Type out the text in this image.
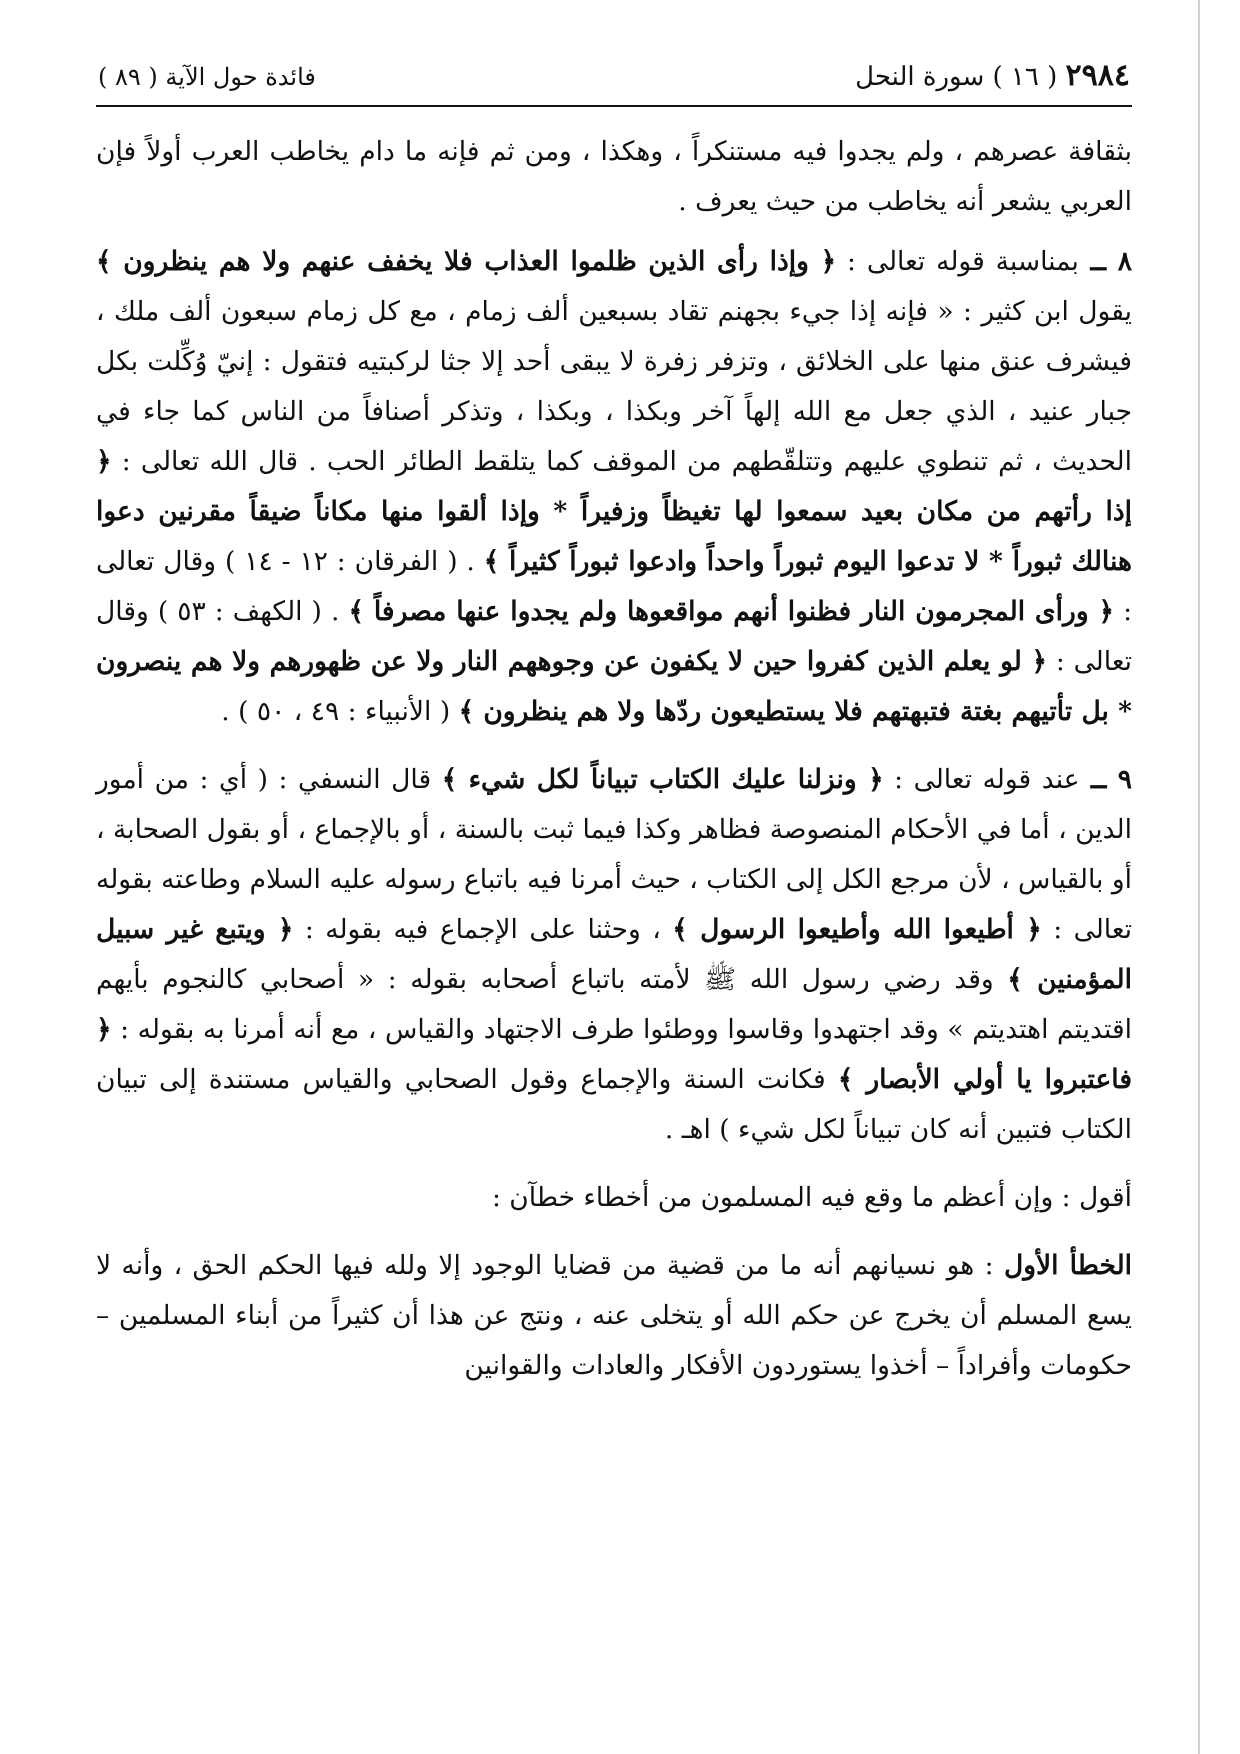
٢٩٨٤ ( ١٦ ) سورة النحل
فائدة حول الآية ( ٨٩ )

بثقافة عصرهم ، ولم يجدوا فيه مستنكراً ، وهكذا ، ومن ثم فإنه ما دام يخاطب العرب أولاً فإن العربي يشعر أنه يخاطب من حيث يعرف .

٨ ــ بمناسبة قوله تعالى : ﴿ وإذا رأى الذين ظلموا العذاب فلا يخفف عنهم ولا هم ينظرون ﴾ يقول ابن كثير : « فإنه إذا جيء بجهنم تقاد بسبعين ألف زمام ، مع كل زمام سبعون ألف ملك ، فيشرف عنق منها على الخلائق ، وتزفر زفرة لا يبقى أحد إلا جثا لركبتيه فتقول : إنيّ وُكِّلت بكل جبار عنيد ، الذي جعل مع الله إلهاً آخر وبكذا ، وبكذا ، وتذكر أصنافاً من الناس كما جاء في الحديث ، ثم تنطوي عليهم وتتلقّطهم من الموقف كما يتلقط الطائر الحب . قال الله تعالى : ﴿ إذا رأتهم من مكان بعيد سمعوا لها تغيظاً وزفيراً * وإذا ألقوا منها مكاناً ضيقاً مقرنين دعوا هنالك ثبوراً * لا تدعوا اليوم ثبوراً واحداً وادعوا ثبوراً كثيراً ﴾ . ( الفرقان : ١٢ - ١٤ ) وقال تعالى : ﴿ ورأى المجرمون النار فظنوا أنهم مواقعوها ولم يجدوا عنها مصرفاً ﴾ . ( الكهف : ٥٣ ) وقال تعالى : ﴿ لو يعلم الذين كفروا حين لا يكفون عن وجوههم النار ولا عن ظهورهم ولا هم ينصرون * بل تأتيهم بغتة فتبهتهم فلا يستطيعون ردّها ولا هم ينظرون ﴾ ( الأنبياء : ٤٩ ، ٥٠ ) .

٩ ــ عند قوله تعالى : ﴿ ونزلنا عليك الكتاب تبياناً لكل شيء ﴾ قال النسفي : ( أي : من أمور الدين ، أما في الأحكام المنصوصة فظاهر وكذا فيما ثبت بالسنة ، أو بالإجماع ، أو بقول الصحابة ، أو بالقياس ، لأن مرجع الكل إلى الكتاب ، حيث أمرنا فيه باتباع رسوله عليه السلام وطاعته بقوله تعالى : ﴿ أطيعوا الله وأطيعوا الرسول ﴾ ، وحثنا على الإجماع فيه بقوله : ﴿ ويتبع غير سبيل المؤمنين ﴾ وقد رضي رسول الله ﷺ لأمته باتباع أصحابه بقوله : « أصحابي كالنجوم بأيهم اقتديتم اهتديتم » وقد اجتهدوا وقاسوا ووطئوا طرف الاجتهاد والقياس ، مع أنه أمرنا به بقوله : ﴿ فاعتبروا يا أولي الأبصار ﴾ فكانت السنة والإجماع وقول الصحابي والقياس مستندة إلى تبيان الكتاب فتبين أنه كان تبياناً لكل شيء ) اهـ .

أقول : وإن أعظم ما وقع فيه المسلمون من أخطاء خطآن :

الخطأ الأول : هو نسيانهم أنه ما من قضية من قضايا الوجود إلا ولله فيها الحكم الحق ، وأنه لا يسع المسلم أن يخرج عن حكم الله أو يتخلى عنه ، ونتج عن هذا أن كثيراً من أبناء المسلمين – حكومات وأفراداً – أخذوا يستوردون الأفكار والعادات والقوانين
